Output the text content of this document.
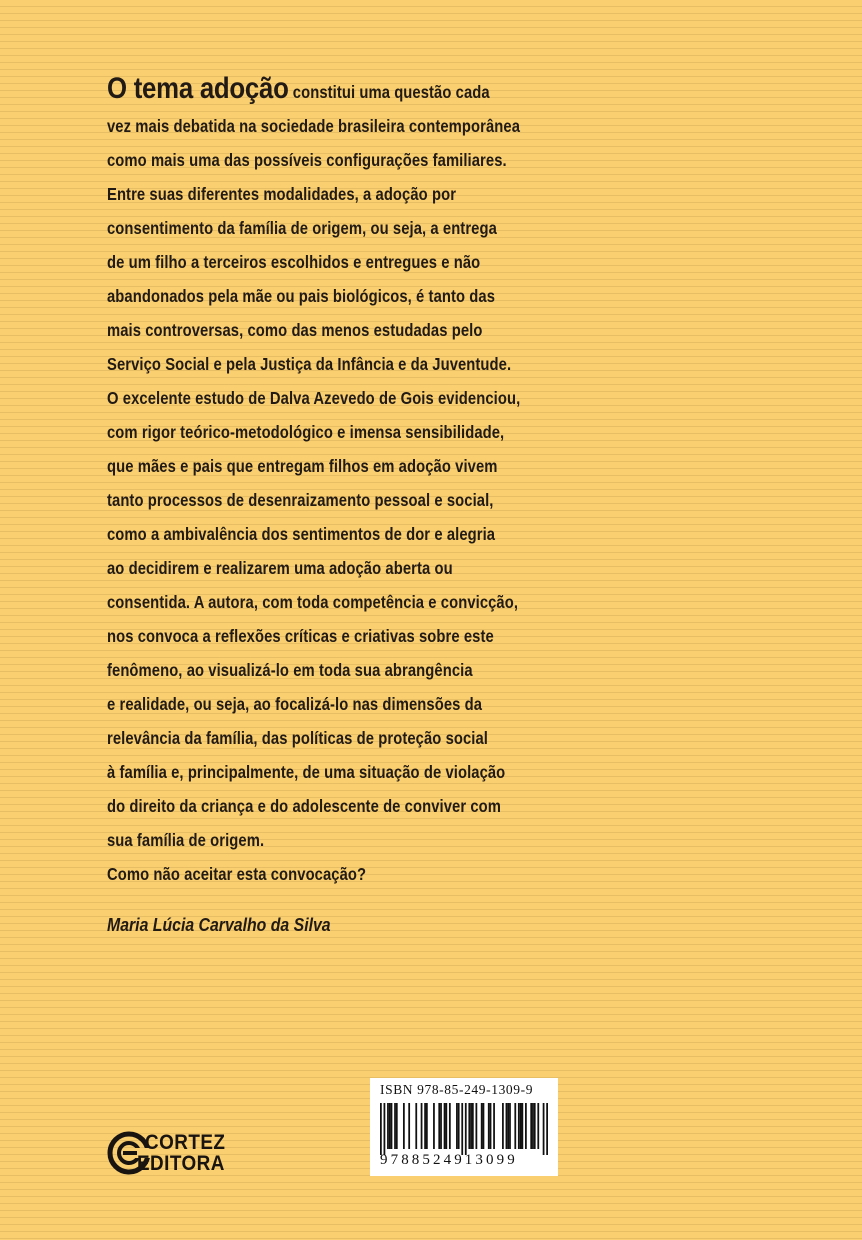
O tema adoção constitui uma questão cada
vez mais debatida na sociedade brasileira contemporânea
como mais uma das possíveis configurações familiares.
Entre suas diferentes modalidades, a adoção por
consentimento da família de origem, ou seja, a entrega
de um filho a terceiros escolhidos e entregues e não
abandonados pela mãe ou pais biológicos, é tanto das
mais controversas, como das menos estudadas pelo
Serviço Social e pela Justiça da Infância e da Juventude.
O excelente estudo de Dalva Azevedo de Gois evidenciou,
com rigor teórico-metodológico e imensa sensibilidade,
que mães e pais que entregam filhos em adoção vivem
tanto processos de desenraizamento pessoal e social,
como a ambivalência dos sentimentos de dor e alegria
ao decidirem e realizarem uma adoção aberta ou
consentida. A autora, com toda competência e convicção,
nos convoca a reflexões críticas e criativas sobre este
fenômeno, ao visualizá-lo em toda sua abrangência
e realidade, ou seja, ao focalizá-lo nas dimensões da
relevância da família, das políticas de proteção social
à família e, principalmente, de uma situação de violação
do direito da criança e do adolescente de conviver com
sua família de origem.
Como não aceitar esta convocação?
Maria Lúcia Carvalho da Silva
ISBN 978-85-249-1309-9
9788524913099
CORTEZ
EDITORA
